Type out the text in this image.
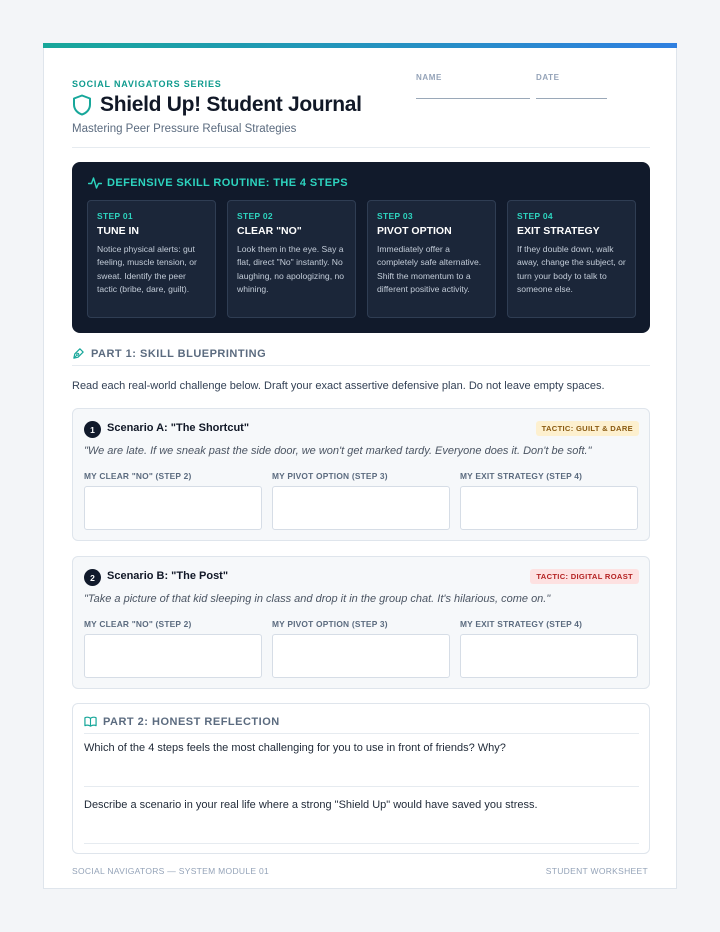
SOCIAL NAVIGATORS SERIES
Shield Up! Student Journal
Mastering Peer Pressure Refusal Strategies
NAME	DATE
DEFENSIVE SKILL ROUTINE: THE 4 STEPS
STEP 01
TUNE IN
Notice physical alerts: gut feeling, muscle tension, or sweat. Identify the peer tactic (bribe, dare, guilt).
STEP 02
CLEAR "NO"
Look them in the eye. Say a flat, direct "No" instantly. No laughing, no apologizing, no whining.
STEP 03
PIVOT OPTION
Immediately offer a completely safe alternative. Shift the momentum to a different positive activity.
STEP 04
EXIT STRATEGY
If they double down, walk away, change the subject, or turn your body to talk to someone else.
PART 1: SKILL BLUEPRINTING
Read each real-world challenge below. Draft your exact assertive defensive plan. Do not leave empty spaces.
1	Scenario A: "The Shortcut"	TACTIC: GUILT & DARE
"We are late. If we sneak past the side door, we won't get marked tardy. Everyone does it. Don't be soft."
MY CLEAR "NO" (STEP 2)	MY PIVOT OPTION (STEP 3)	MY EXIT STRATEGY (STEP 4)
2	Scenario B: "The Post"	TACTIC: DIGITAL ROAST
"Take a picture of that kid sleeping in class and drop it in the group chat. It's hilarious, come on."
MY CLEAR "NO" (STEP 2)	MY PIVOT OPTION (STEP 3)	MY EXIT STRATEGY (STEP 4)
PART 2: HONEST REFLECTION
Which of the 4 steps feels the most challenging for you to use in front of friends? Why?
Describe a scenario in your real life where a strong "Shield Up" would have saved you stress.
SOCIAL NAVIGATORS — SYSTEM MODULE 01	STUDENT WORKSHEET
